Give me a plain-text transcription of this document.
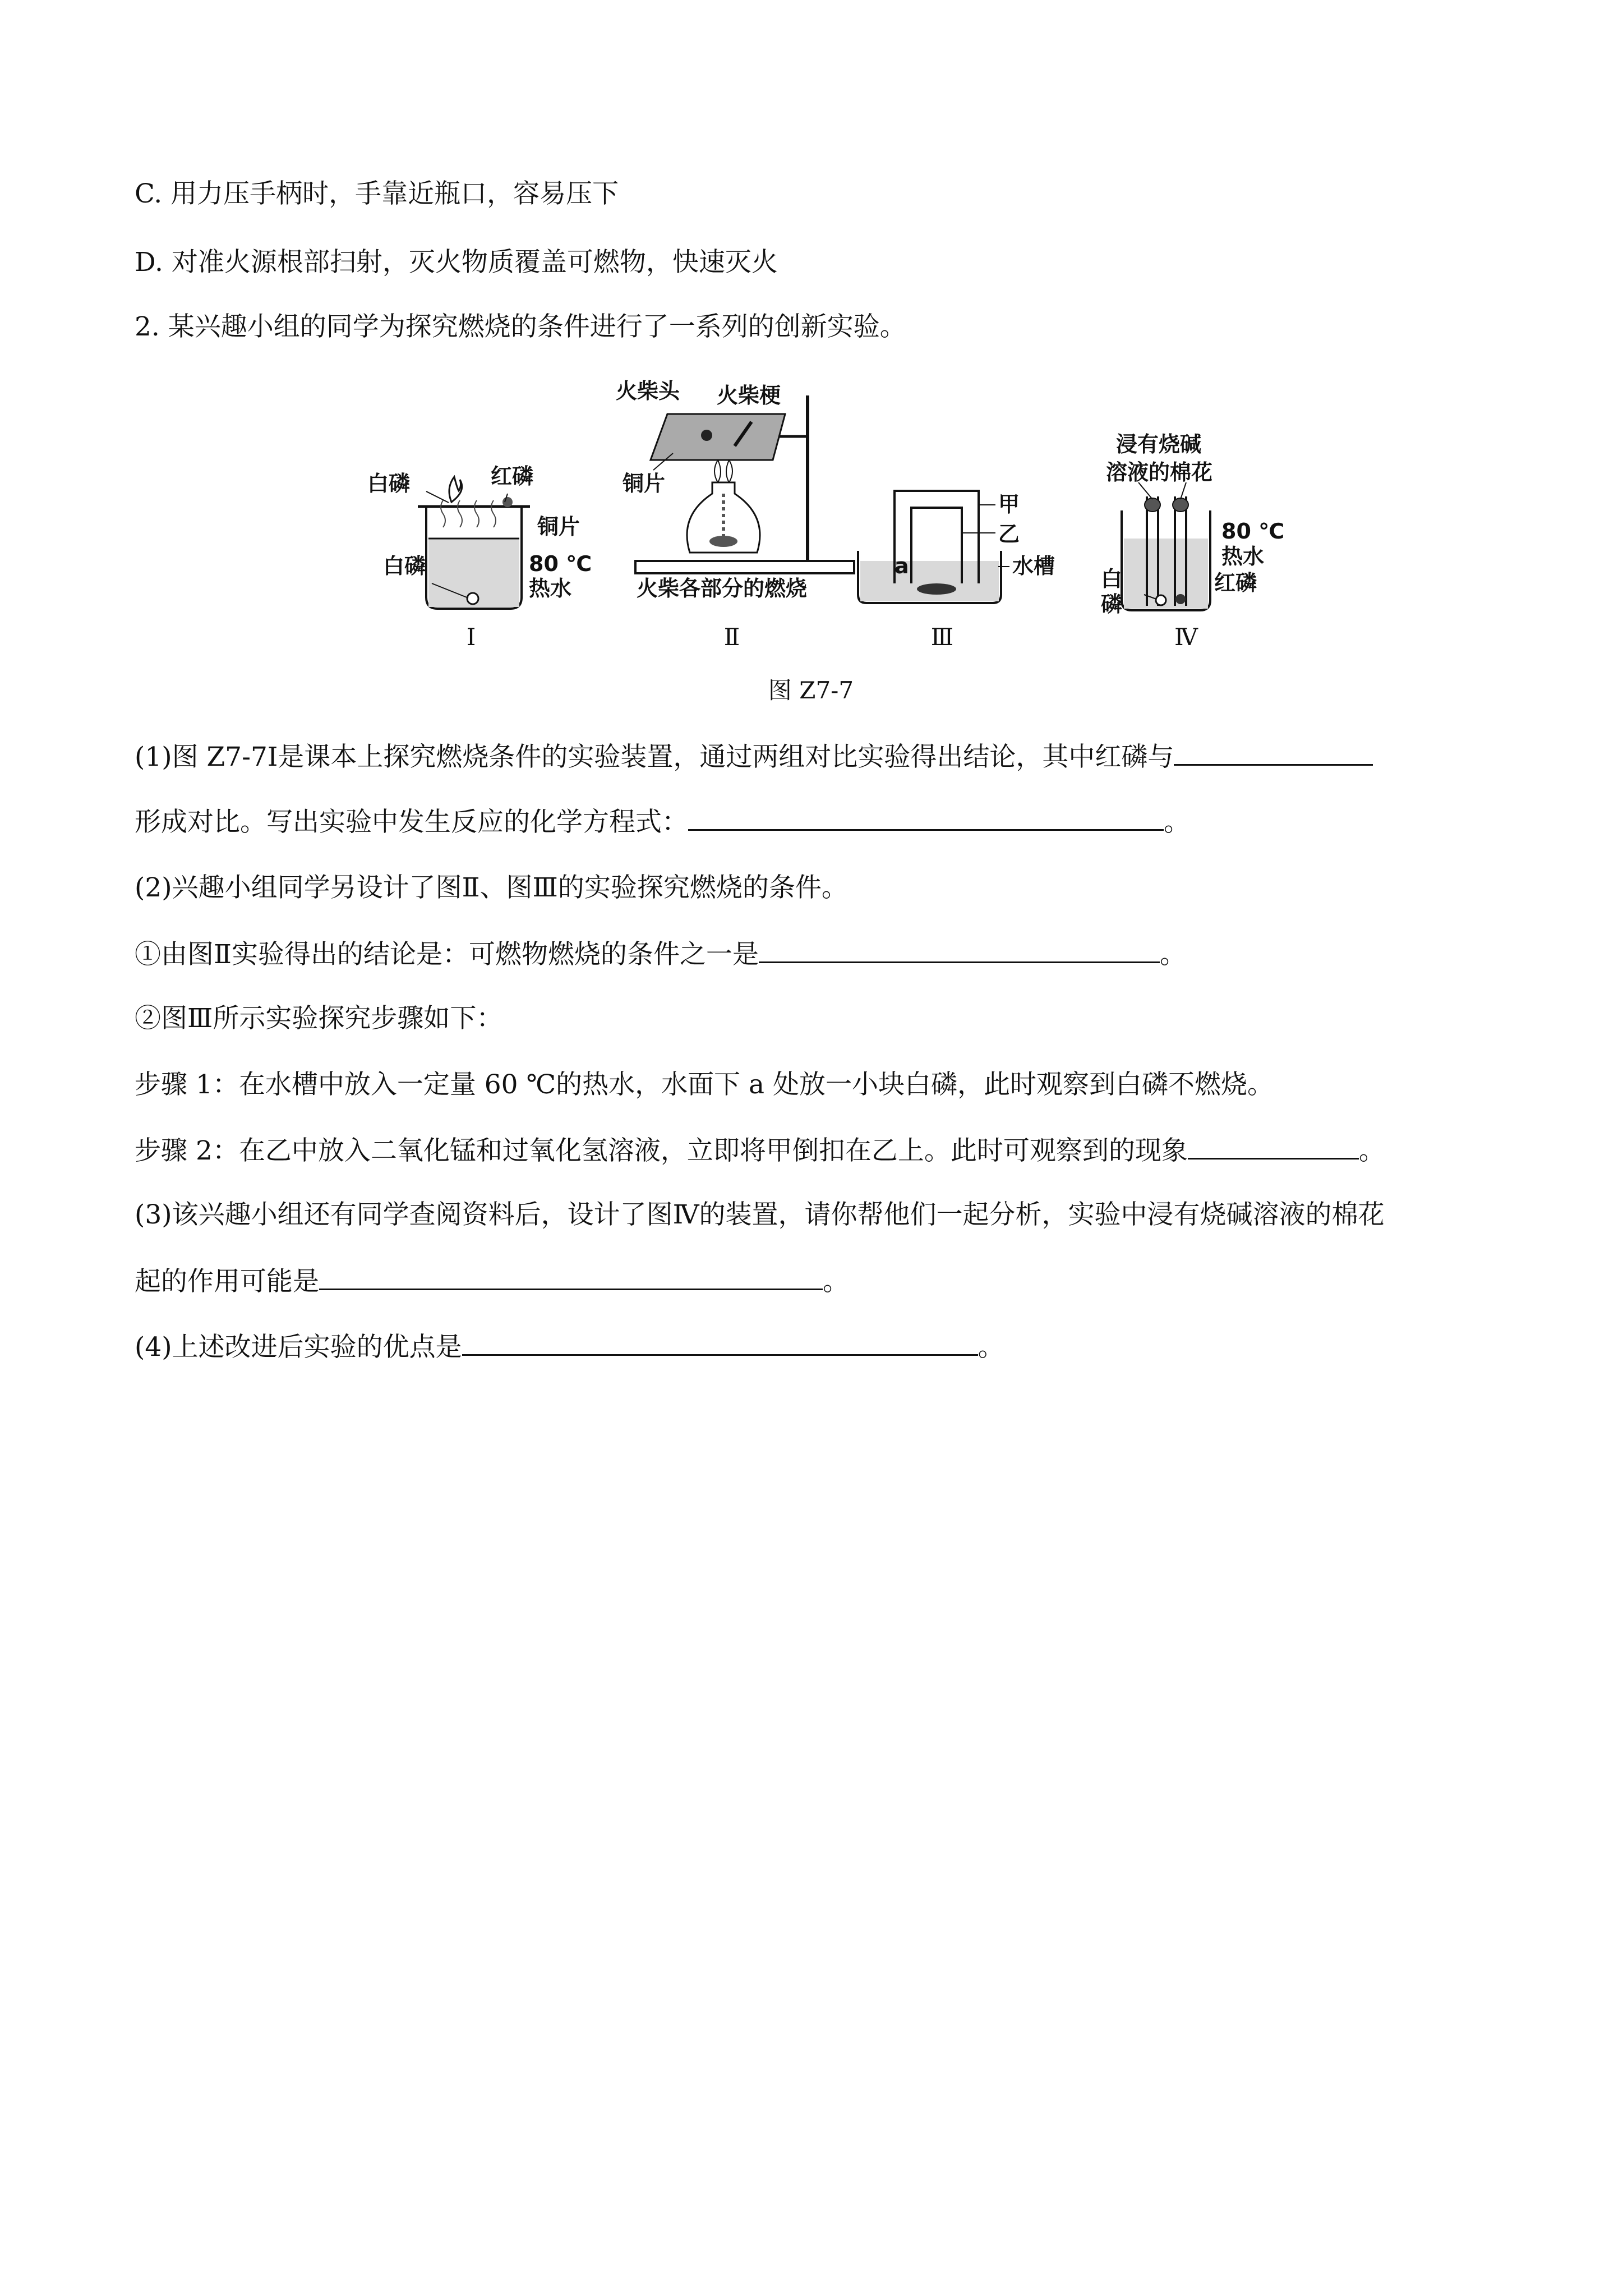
C. 用力压手柄时，手靠近瓶口，容易压下
D. 对准火源根部扫射，灭火物质覆盖可燃物，快速灭火
2. 某兴趣小组的同学为探究燃烧的条件进行了一系列的创新实验。
白磷	红磷
铜片
白磷	80 ℃
热水
Ⅰ
火柴头 火柴梗
铜片
火柴各部分的燃烧
Ⅱ
a
甲
乙
水槽
Ⅲ
浸有烧碱
溶液的棉花
80 ℃
热水
红磷
白
磷
Ⅳ
图 Z7-7
(1)图 Z7-7Ⅰ是课本上探究燃烧条件的实验装置，通过两组对比实验得出结论，其中红磷与
形成对比。写出实验中发生反应的化学方程式：	。
(2)兴趣小组同学另设计了图Ⅱ、图Ⅲ的实验探究燃烧的条件。
①由图Ⅱ实验得出的结论是：可燃物燃烧的条件之一是	。
②图Ⅲ所示实验探究步骤如下：
步骤 1：在水槽中放入一定量 60 ℃的热水，水面下 a 处放一小块白磷，此时观察到白磷不燃烧。
步骤 2：在乙中放入二氧化锰和过氧化氢溶液，立即将甲倒扣在乙上。此时可观察到的现象	。
(3)该兴趣小组还有同学查阅资料后，设计了图Ⅳ的装置，请你帮他们一起分析，实验中浸有烧碱溶液的棉花
起的作用可能是	。
(4)上述改进后实验的优点是	。
